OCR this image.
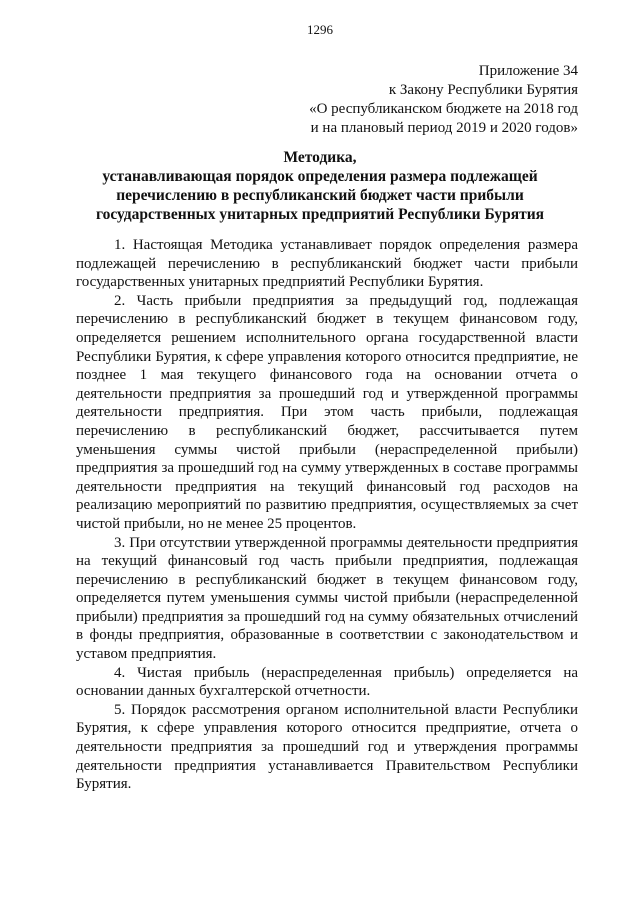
1296
Приложение 34
к Закону Республики Бурятия
«О республиканском бюджете на 2018 год
и на плановый период 2019 и 2020 годов»
Методика,
устанавливающая порядок определения размера подлежащей
перечислению в республиканский бюджет части прибыли
государственных унитарных предприятий Республики Бурятия

1. Настоящая Методика устанавливает порядок определения размера подлежащей перечислению в республиканский бюджет части прибыли государственных унитарных предприятий Республики Бурятия.

2. Часть прибыли предприятия за предыдущий год, подлежащая перечислению в республиканский бюджет в текущем финансовом году, определяется решением исполнительного органа государственной власти Республики Бурятия, к сфере управления которого относится предприятие, не позднее 1 мая текущего финансового года на основании отчета о деятельности предприятия за прошедший год и утвержденной программы деятельности предприятия. При этом часть прибыли, подлежащая перечислению в республиканский бюджет, рассчитывается путем уменьшения суммы чистой прибыли (нераспределенной прибыли) предприятия за прошедший год на сумму утвержденных в составе программы деятельности предприятия на текущий финансовый год расходов на реализацию мероприятий по развитию предприятия, осуществляемых за счет чистой прибыли, но не менее 25 процентов.

3. При отсутствии утвержденной программы деятельности предприятия на текущий финансовый год часть прибыли предприятия, подлежащая перечислению в республиканский бюджет в текущем финансовом году, определяется путем уменьшения суммы чистой прибыли (нераспределенной прибыли) предприятия за прошедший год на сумму обязательных отчислений в фонды предприятия, образованные в соответствии с законодательством и уставом предприятия.

4. Чистая прибыль (нераспределенная прибыль) определяется на основании данных бухгалтерской отчетности.

5. Порядок рассмотрения органом исполнительной власти Республики Бурятия, к сфере управления которого относится предприятие, отчета о деятельности предприятия за прошедший год и утверждения программы деятельности предприятия устанавливается Правительством Республики Бурятия.
